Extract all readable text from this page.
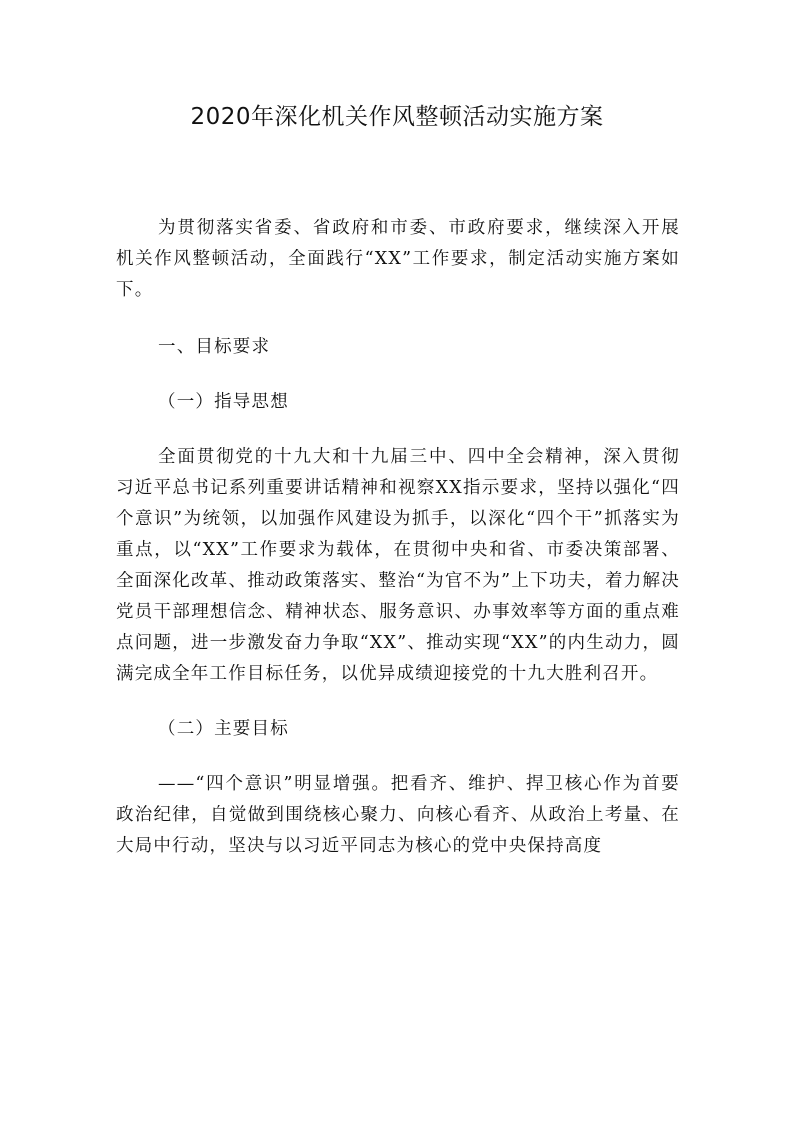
2020年深化机关作风整顿活动实施方案

为贯彻落实省委、省政府和市委、市政府要求，继续深入开展机关作风整顿活动，全面践行“XX”工作要求，制定活动实施方案如下。

一、目标要求

（一）指导思想

全面贯彻党的十九大和十九届三中、四中全会精神，深入贯彻习近平总书记系列重要讲话精神和视察XX指示要求，坚持以强化“四个意识”为统领，以加强作风建设为抓手，以深化“四个干”抓落实为重点，以“XX”工作要求为载体，在贯彻中央和省、市委决策部署、全面深化改革、推动政策落实、整治“为官不为”上下功夫，着力解决党员干部理想信念、精神状态、服务意识、办事效率等方面的重点难点问题，进一步激发奋力争取“XX”、推动实现“XX”的内生动力，圆满完成全年工作目标任务，以优异成绩迎接党的十九大胜利召开。

（二）主要目标

——“四个意识”明显增强。把看齐、维护、捍卫核心作为首要政治纪律，自觉做到围绕核心聚力、向核心看齐、从政治上考量、在大局中行动，坚决与以习近平同志为核心的党中央保持高度
